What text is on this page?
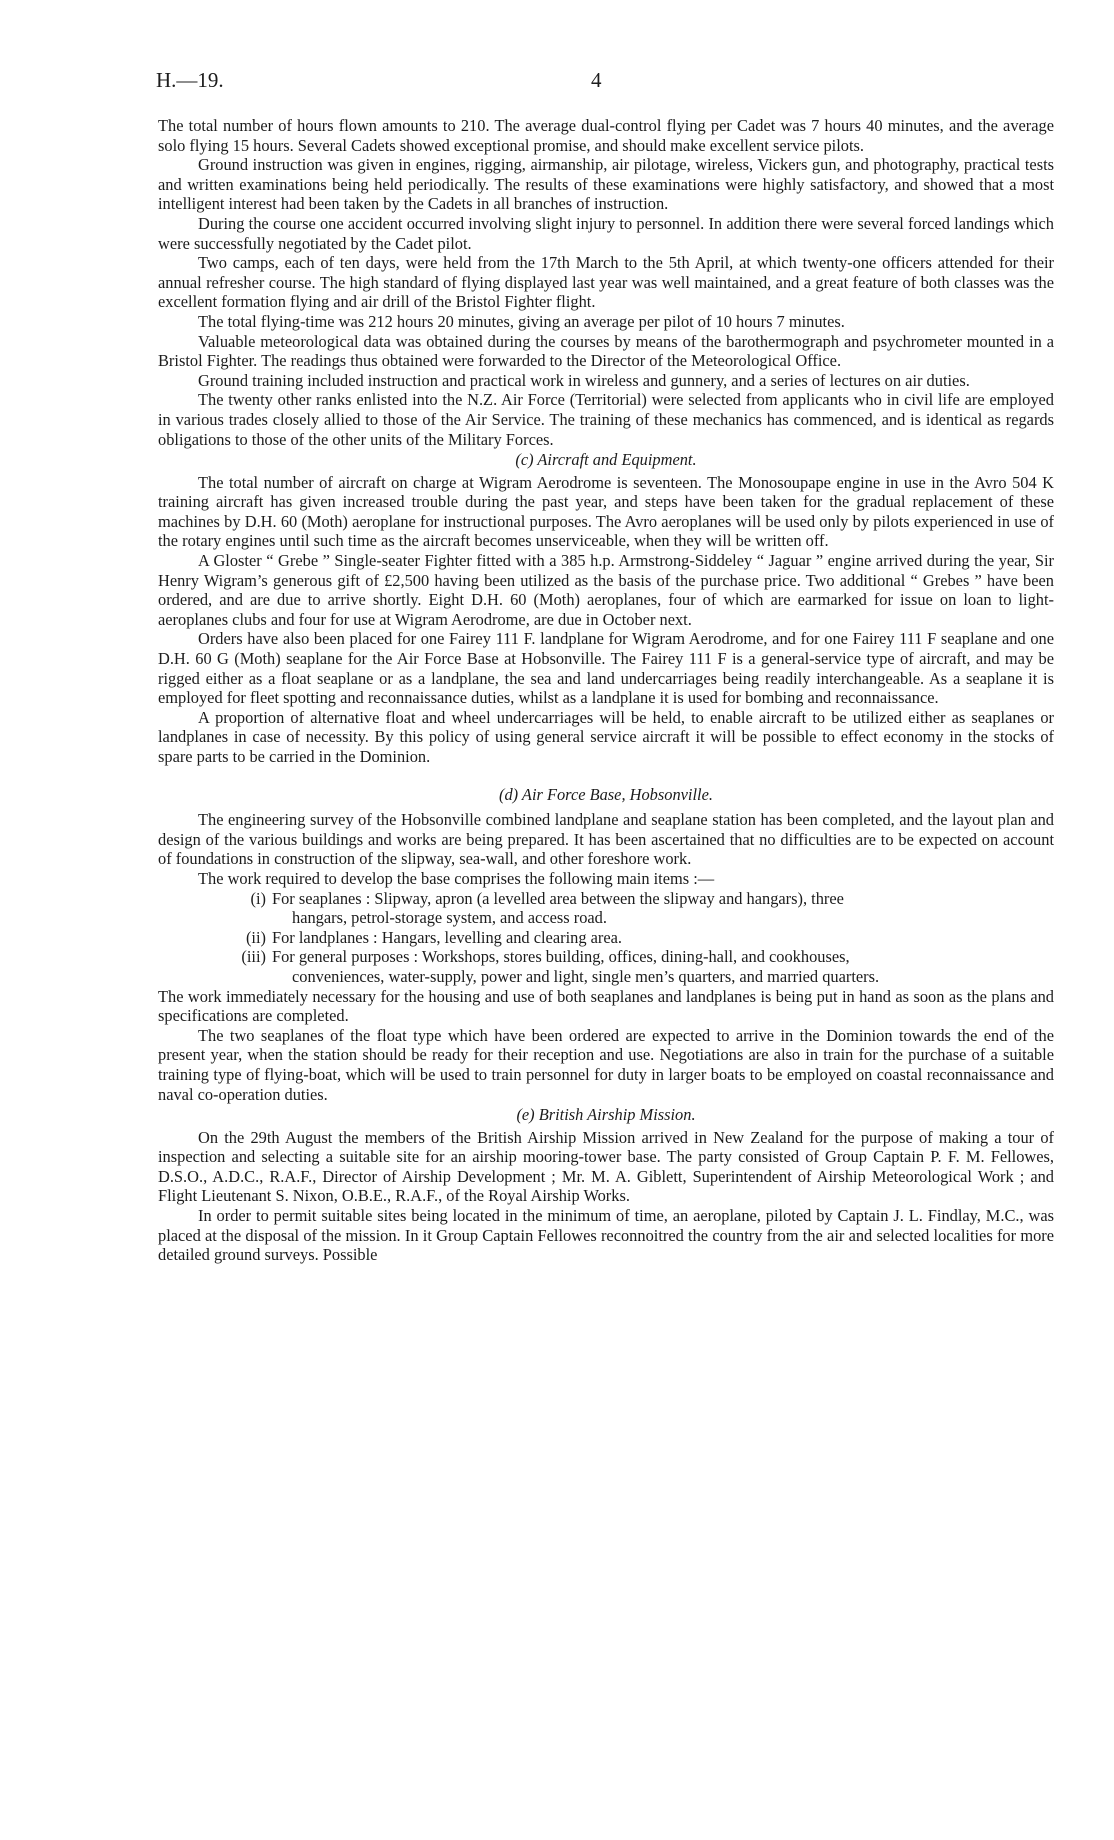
H.—19.	4

The total number of hours flown amounts to 210. The average dual-control flying per Cadet was 7 hours 40 minutes, and the average solo flying 15 hours. Several Cadets showed exceptional promise, and should make excellent service pilots.

Ground instruction was given in engines, rigging, airmanship, air pilotage, wireless, Vickers gun, and photography, practical tests and written examinations being held periodically. The results of these examinations were highly satisfactory, and showed that a most intelligent interest had been taken by the Cadets in all branches of instruction.

During the course one accident occurred involving slight injury to personnel. In addition there were several forced landings which were successfully negotiated by the Cadet pilot.

Two camps, each of ten days, were held from the 17th March to the 5th April, at which twenty-one officers attended for their annual refresher course. The high standard of flying displayed last year was well maintained, and a great feature of both classes was the excellent formation flying and air drill of the Bristol Fighter flight.

The total flying-time was 212 hours 20 minutes, giving an average per pilot of 10 hours 7 minutes.

Valuable meteorological data was obtained during the courses by means of the barothermograph and psychrometer mounted in a Bristol Fighter. The readings thus obtained were forwarded to the Director of the Meteorological Office.

Ground training included instruction and practical work in wireless and gunnery, and a series of lectures on air duties.

The twenty other ranks enlisted into the N.Z. Air Force (Territorial) were selected from applicants who in civil life are employed in various trades closely allied to those of the Air Service. The training of these mechanics has commenced, and is identical as regards obligations to those of the other units of the Military Forces.

(c) Aircraft and Equipment.

The total number of aircraft on charge at Wigram Aerodrome is seventeen. The Monosoupape engine in use in the Avro 504 K training aircraft has given increased trouble during the past year, and steps have been taken for the gradual replacement of these machines by D.H. 60 (Moth) aeroplane for instructional purposes. The Avro aeroplanes will be used only by pilots experienced in use of the rotary engines until such time as the aircraft becomes unserviceable, when they will be written off.

A Gloster “ Grebe ” Single-seater Fighter fitted with a 385 h.p. Armstrong-Siddeley “ Jaguar ” engine arrived during the year, Sir Henry Wigram’s generous gift of £2,500 having been utilized as the basis of the purchase price. Two additional “ Grebes ” have been ordered, and are due to arrive shortly. Eight D.H. 60 (Moth) aeroplanes, four of which are earmarked for issue on loan to light-aeroplanes clubs and four for use at Wigram Aerodrome, are due in October next.

Orders have also been placed for one Fairey 111 F. landplane for Wigram Aerodrome, and for one Fairey 111 F seaplane and one D.H. 60 G (Moth) seaplane for the Air Force Base at Hobsonville. The Fairey 111 F is a general-service type of aircraft, and may be rigged either as a float seaplane or as a landplane, the sea and land undercarriages being readily interchangeable. As a seaplane it is employed for fleet spotting and reconnaissance duties, whilst as a landplane it is used for bombing and reconnaissance.

A proportion of alternative float and wheel undercarriages will be held, to enable aircraft to be utilized either as seaplanes or landplanes in case of necessity. By this policy of using general service aircraft it will be possible to effect economy in the stocks of spare parts to be carried in the Dominion.

(d) Air Force Base, Hobsonville.

The engineering survey of the Hobsonville combined landplane and seaplane station has been completed, and the layout plan and design of the various buildings and works are being prepared. It has been ascertained that no difficulties are to be expected on account of foundations in construction of the slipway, sea-wall, and other foreshore work.

The work required to develop the base comprises the following main items :—

(i) For seaplanes : Slipway, apron (a levelled area between the slipway and hangars), three
hangars, petrol-storage system, and access road.
(ii) For landplanes : Hangars, levelling and clearing area.
(iii) For general purposes : Workshops, stores building, offices, dining-hall, and cookhouses,
conveniences, water-supply, power and light, single men’s quarters, and married quarters.

The work immediately necessary for the housing and use of both seaplanes and landplanes is being put in hand as soon as the plans and specifications are completed.

The two seaplanes of the float type which have been ordered are expected to arrive in the Dominion towards the end of the present year, when the station should be ready for their reception and use. Negotiations are also in train for the purchase of a suitable training type of flying-boat, which will be used to train personnel for duty in larger boats to be employed on coastal reconnaissance and naval co-operation duties.

(e) British Airship Mission.

On the 29th August the members of the British Airship Mission arrived in New Zealand for the purpose of making a tour of inspection and selecting a suitable site for an airship mooring-tower base. The party consisted of Group Captain P. F. M. Fellowes, D.S.O., A.D.C., R.A.F., Director of Airship Development ; Mr. M. A. Giblett, Superintendent of Airship Meteorological Work ; and Flight Lieutenant S. Nixon, O.B.E., R.A.F., of the Royal Airship Works.

In order to permit suitable sites being located in the minimum of time, an aeroplane, piloted by Captain J. L. Findlay, M.C., was placed at the disposal of the mission. In it Group Captain Fellowes reconnoitred the country from the air and selected localities for more detailed ground surveys. Possible
